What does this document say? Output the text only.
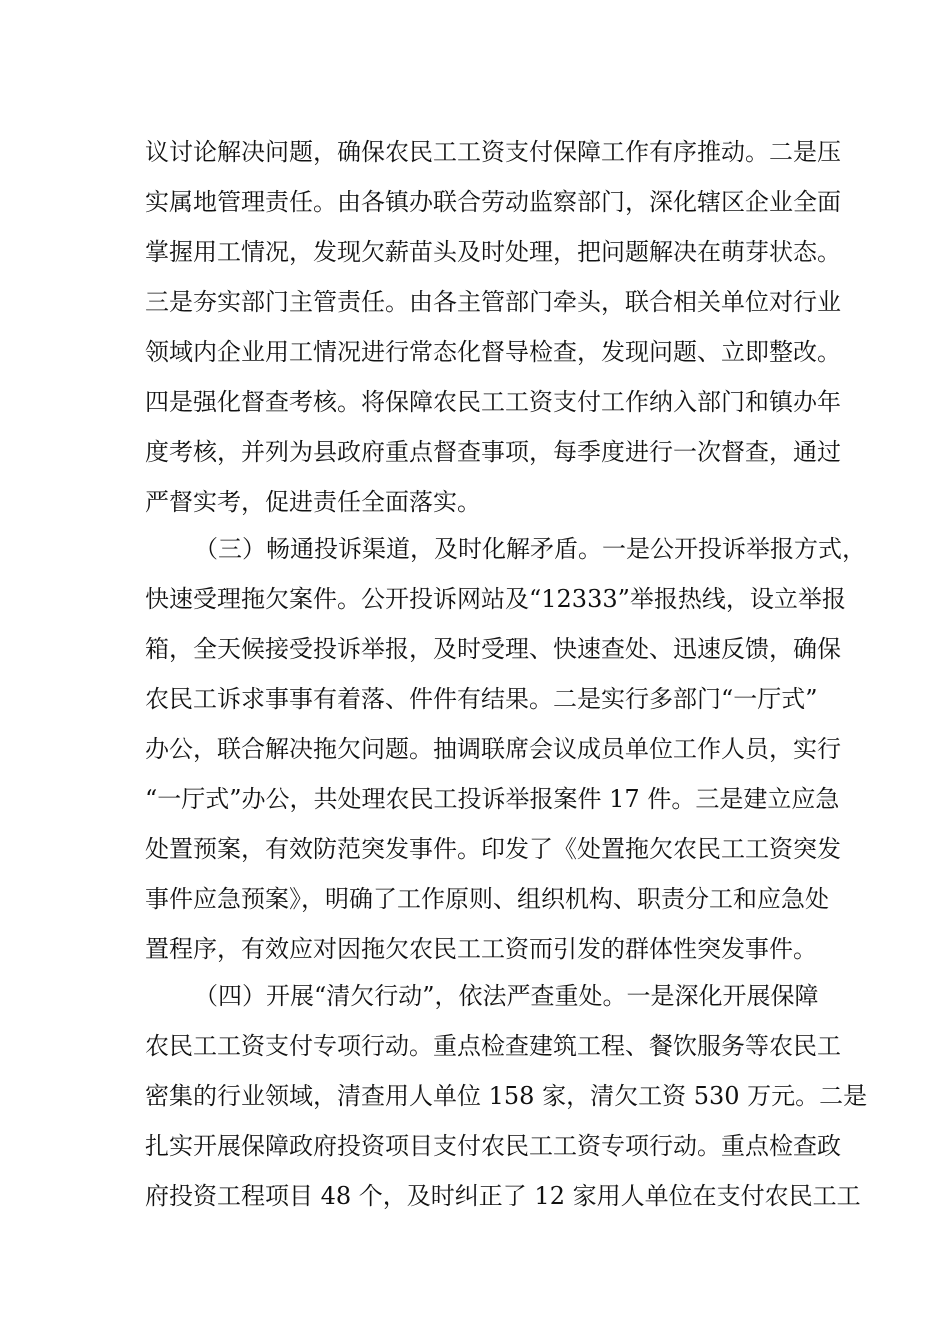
议讨论解决问题，确保农民工工资支付保障工作有序推动。二是压
实属地管理责任。由各镇办联合劳动监察部门，深化辖区企业全面
掌握用工情况，发现欠薪苗头及时处理，把问题解决在萌芽状态。
三是夯实部门主管责任。由各主管部门牵头，联合相关单位对行业
领域内企业用工情况进行常态化督导检查，发现问题、立即整改。
四是强化督查考核。将保障农民工工资支付工作纳入部门和镇办年
度考核，并列为县政府重点督查事项，每季度进行一次督查，通过
严督实考，促进责任全面落实。
（三）畅通投诉渠道，及时化解矛盾。一是公开投诉举报方式，
快速受理拖欠案件。公开投诉网站及“12333”举报热线，设立举报
箱，全天候接受投诉举报，及时受理、快速查处、迅速反馈，确保
农民工诉求事事有着落、件件有结果。二是实行多部门“一厅式”
办公，联合解决拖欠问题。抽调联席会议成员单位工作人员，实行
“一厅式”办公，共处理农民工投诉举报案件 17 件。三是建立应急
处置预案，有效防范突发事件。印发了《处置拖欠农民工工资突发
事件应急预案》，明确了工作原则、组织机构、职责分工和应急处
置程序，有效应对因拖欠农民工工资而引发的群体性突发事件。
（四）开展“清欠行动”，依法严查重处。一是深化开展保障
农民工工资支付专项行动。重点检查建筑工程、餐饮服务等农民工
密集的行业领域，清查用人单位 158 家，清欠工资 530 万元。二是
扎实开展保障政府投资项目支付农民工工资专项行动。重点检查政
府投资工程项目 48 个，及时纠正了 12 家用人单位在支付农民工工
